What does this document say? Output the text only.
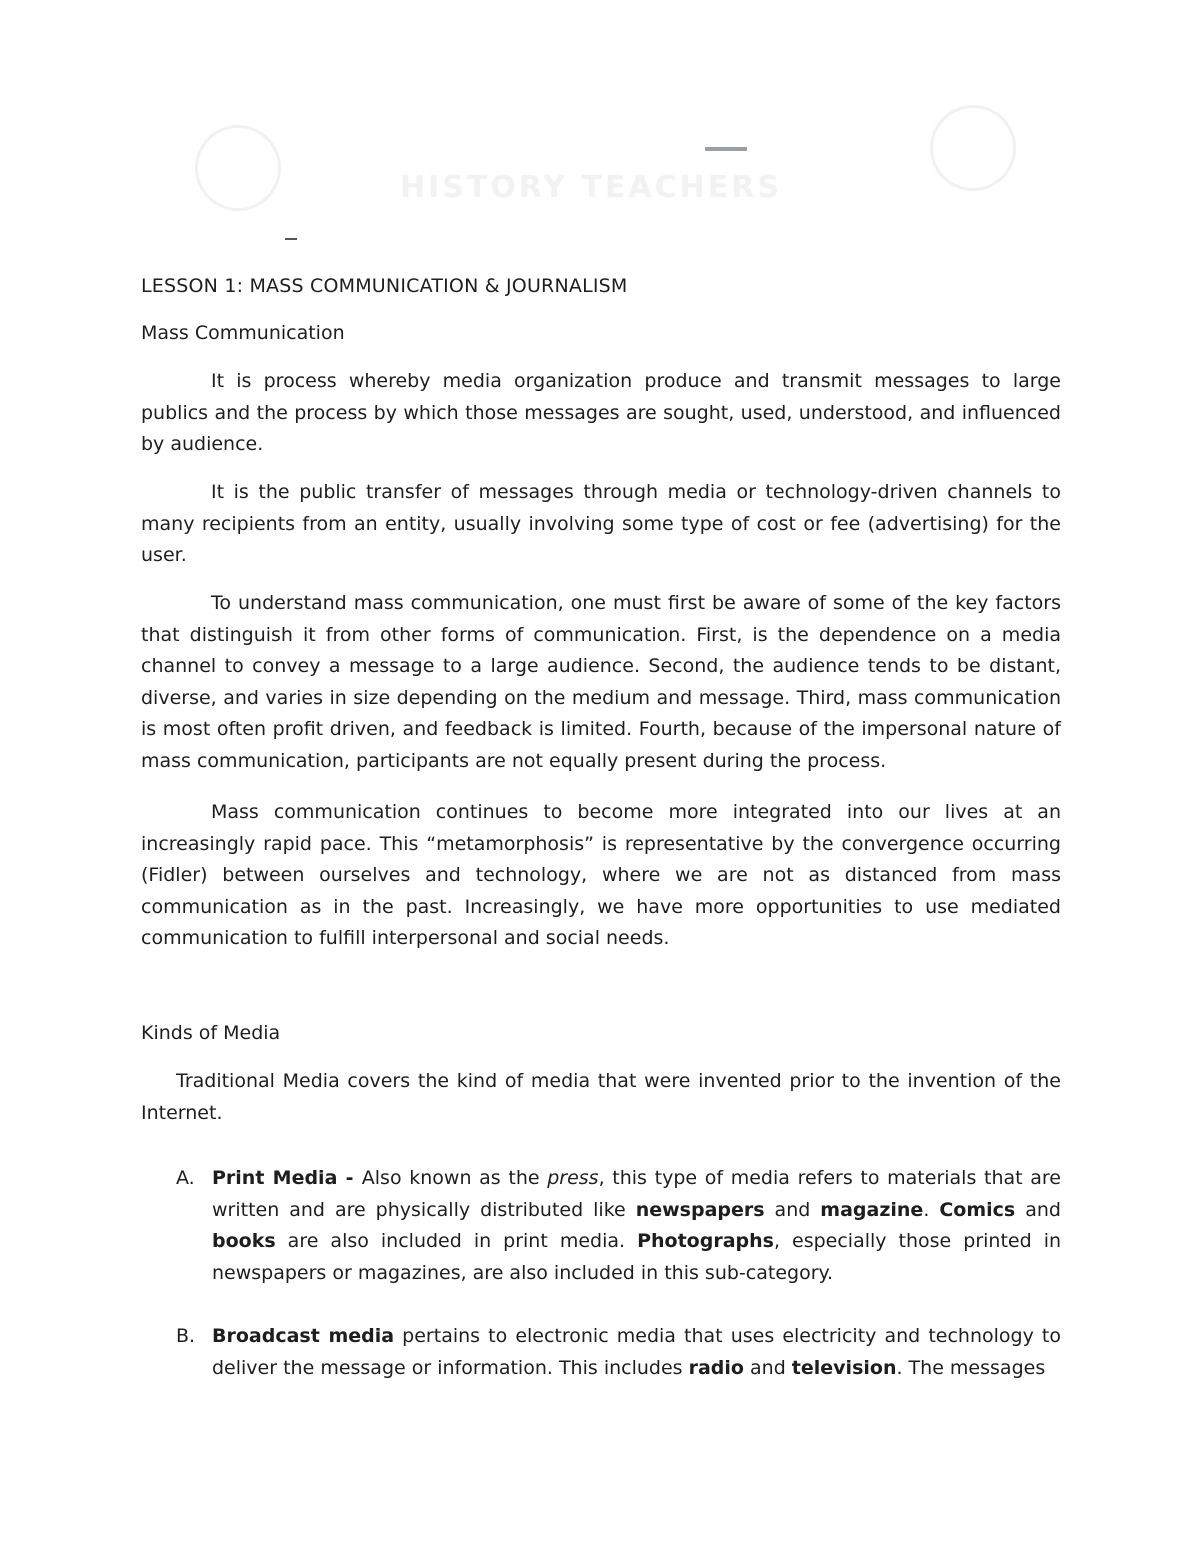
HISTORY TEACHERS

LESSON 1: MASS COMMUNICATION & JOURNALISM

Mass Communication

It is process whereby media organization produce and transmit messages to large publics and the process by which those messages are sought, used, understood, and influenced by audience.

It is the public transfer of messages through media or technology-driven channels to many recipients from an entity, usually involving some type of cost or fee (advertising) for the user.

To understand mass communication, one must first be aware of some of the key factors that distinguish it from other forms of communication. First, is the dependence on a media channel to convey a message to a large audience. Second, the audience tends to be distant, diverse, and varies in size depending on the medium and message. Third, mass communication is most often profit driven, and feedback is limited. Fourth, because of the impersonal nature of mass communication, participants are not equally present during the process.

Mass communication continues to become more integrated into our lives at an increasingly rapid pace. This “metamorphosis” is representative by the convergence occurring (Fidler) between ourselves and technology, where we are not as distanced from mass communication as in the past. Increasingly, we have more opportunities to use mediated communication to fulfill interpersonal and social needs.

Kinds of Media

Traditional Media covers the kind of media that were invented prior to the invention of the Internet.

A. Print Media - Also known as the press, this type of media refers to materials that are written and are physically distributed like newspapers and magazine. Comics and books are also included in print media. Photographs, especially those printed in newspapers or magazines, are also included in this sub-category.
B. Broadcast media pertains to electronic media that uses electricity and technology to deliver the message or information. This includes radio and television. The messages
